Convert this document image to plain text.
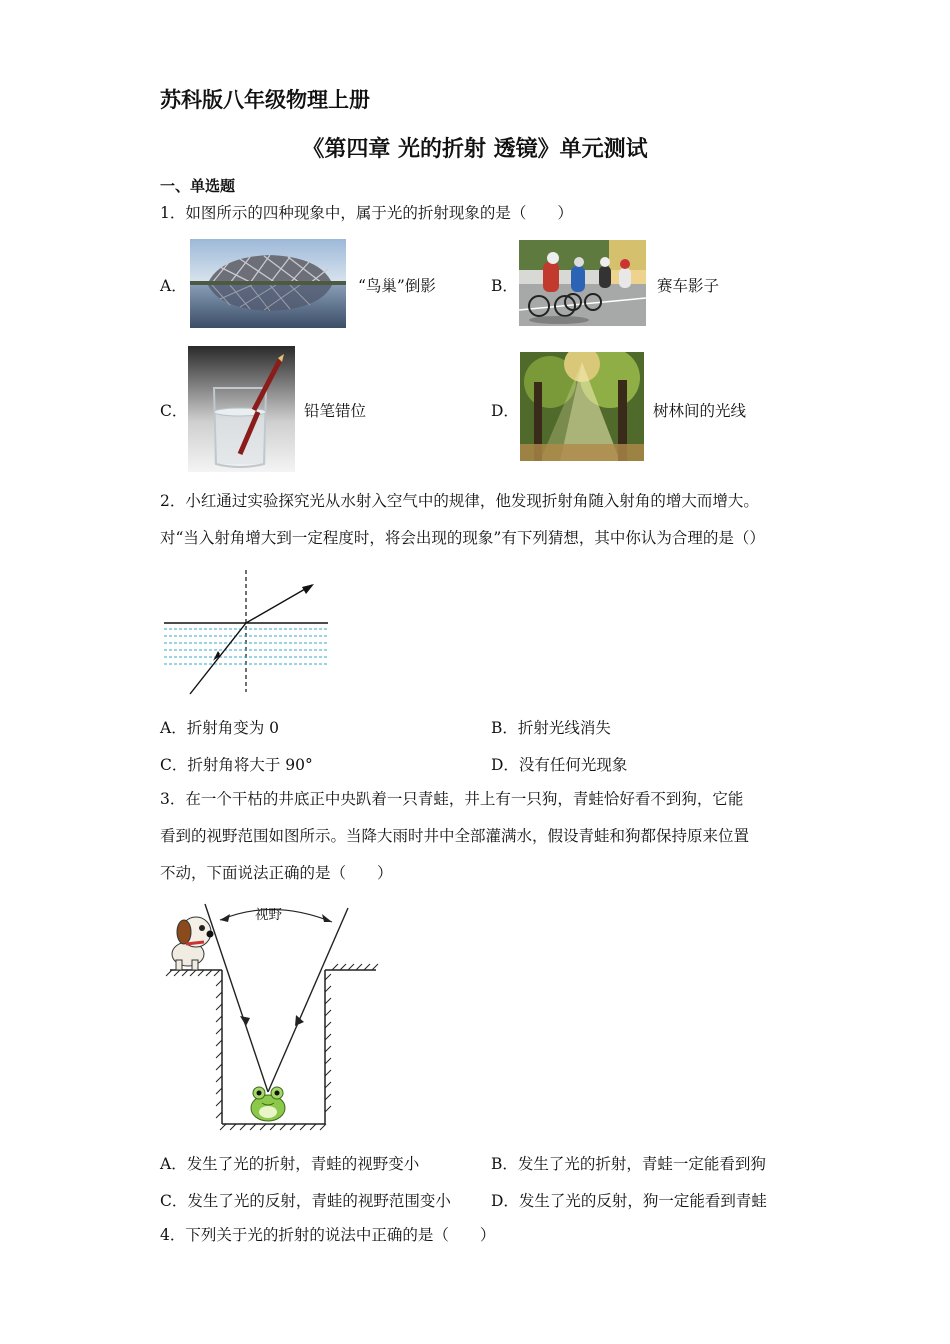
苏科版八年级物理上册
《第四章 光的折射 透镜》单元测试
一、单选题
1．如图所示的四种现象中，属于光的折射现象的是（　　）
A．	“鸟巢”倒影	B．	赛车影子
C．	铅笔错位	D．	树林间的光线
2．小红通过实验探究光从水射入空气中的规律，他发现折射角随入射角的增大而增大。
对“当入射角增大到一定程度时，将会出现的现象”有下列猜想，其中你认为合理的是（）
A．折射角变为 0	B．折射光线消失
C．折射角将大于 90°	D．没有任何光现象
3．在一个干枯的井底正中央趴着一只青蛙，井上有一只狗，青蛙恰好看不到狗，它能
看到的视野范围如图所示。当降大雨时井中全部灌满水，假设青蛙和狗都保持原来位置
不动，下面说法正确的是（　　）
视野
A．发生了光的折射，青蛙的视野变小	B．发生了光的折射，青蛙一定能看到狗
C．发生了光的反射，青蛙的视野范围变小	D．发生了光的反射，狗一定能看到青蛙
4．下列关于光的折射的说法中正确的是（　　）
